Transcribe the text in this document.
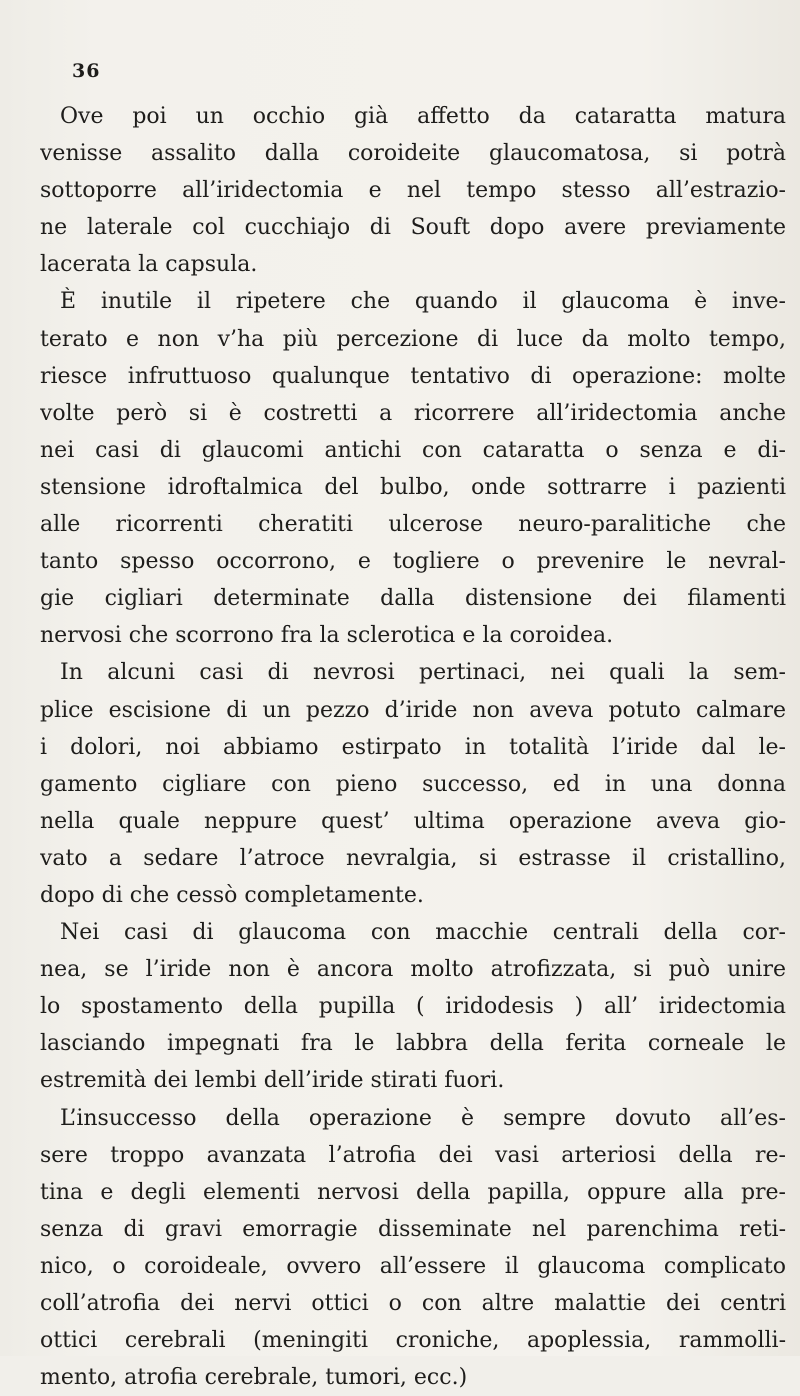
36
Ove poi un occhio già affetto da cataratta matura
venisse assalito dalla coroideite glaucomatosa, si potrà
sottoporre all’iridectomia e nel tempo stesso all’estrazio-
ne laterale col cucchiajo di Souft dopo avere previamente
lacerata la capsula.
È inutile il ripetere che quando il glaucoma è inve-
terato e non v’ha più percezione di luce da molto tempo,
riesce infruttuoso qualunque tentativo di operazione: molte
volte però si è costretti a ricorrere all’iridectomia anche
nei casi di glaucomi antichi con cataratta o senza e di-
stensione idroftalmica del bulbo, onde sottrarre i pazienti
alle ricorrenti cheratiti ulcerose neuro-paralitiche che
tanto spesso occorrono, e togliere o prevenire le nevral-
gie cigliari determinate dalla distensione dei filamenti
nervosi che scorrono fra la sclerotica e la coroidea.
In alcuni casi di nevrosi pertinaci, nei quali la sem-
plice escisione di un pezzo d’iride non aveva potuto calmare
i dolori, noi abbiamo estirpato in totalità l’iride dal le-
gamento cigliare con pieno successo, ed in una donna
nella quale neppure quest’ ultima operazione aveva gio-
vato a sedare l’atroce nevralgia, si estrasse il cristallino,
dopo di che cessò completamente.
Nei casi di glaucoma con macchie centrali della cor-
nea, se l’iride non è ancora molto atrofizzata, si può unire
lo spostamento della pupilla ( iridodesis ) all’ iridectomia
lasciando impegnati fra le labbra della ferita corneale le
estremità dei lembi dell’iride stirati fuori.
L’insuccesso della operazione è sempre dovuto all’es-
sere troppo avanzata l’atrofia dei vasi arteriosi della re-
tina e degli elementi nervosi della papilla, oppure alla pre-
senza di gravi emorragie disseminate nel parenchima reti-
nico, o coroideale, ovvero all’essere il glaucoma complicato
coll’atrofia dei nervi ottici o con altre malattie dei centri
ottici cerebrali (meningiti croniche, apoplessia, rammolli-
mento, atrofia cerebrale, tumori, ecc.)
